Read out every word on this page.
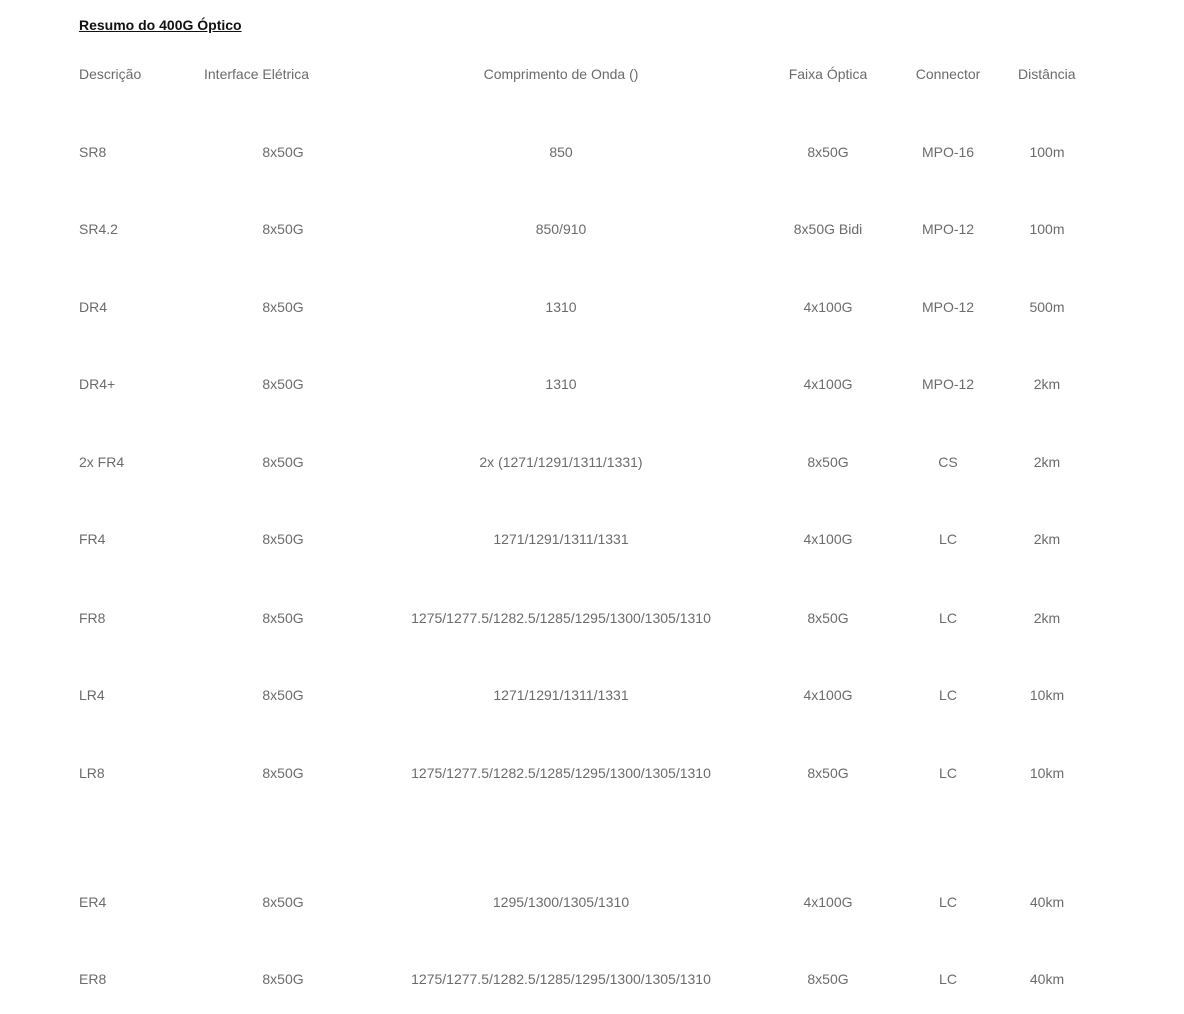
Resumo do 400G Óptico
Descrição	Interface Elétrica	Comprimento de Onda ()	Faixa Óptica	Connector	Distância
SR8	8x50G	850	8x50G	MPO-16	100m
SR4.2	8x50G	850/910	8x50G Bidi	MPO-12	100m
DR4	8x50G	1310	4x100G	MPO-12	500m
DR4+	8x50G	1310	4x100G	MPO-12	2km
2x FR4	8x50G	2x (1271/1291/1311/1331)	8x50G	CS	2km
FR4	8x50G	1271/1291/1311/1331	4x100G	LC	2km
FR8	8x50G	1275/1277.5/1282.5/1285/1295/1300/1305/1310	8x50G	LC	2km
LR4	8x50G	1271/1291/1311/1331	4x100G	LC	10km
LR8	8x50G	1275/1277.5/1282.5/1285/1295/1300/1305/1310	8x50G	LC	10km
ER4	8x50G	1295/1300/1305/1310	4x100G	LC	40km
ER8	8x50G	1275/1277.5/1282.5/1285/1295/1300/1305/1310	8x50G	LC	40km
